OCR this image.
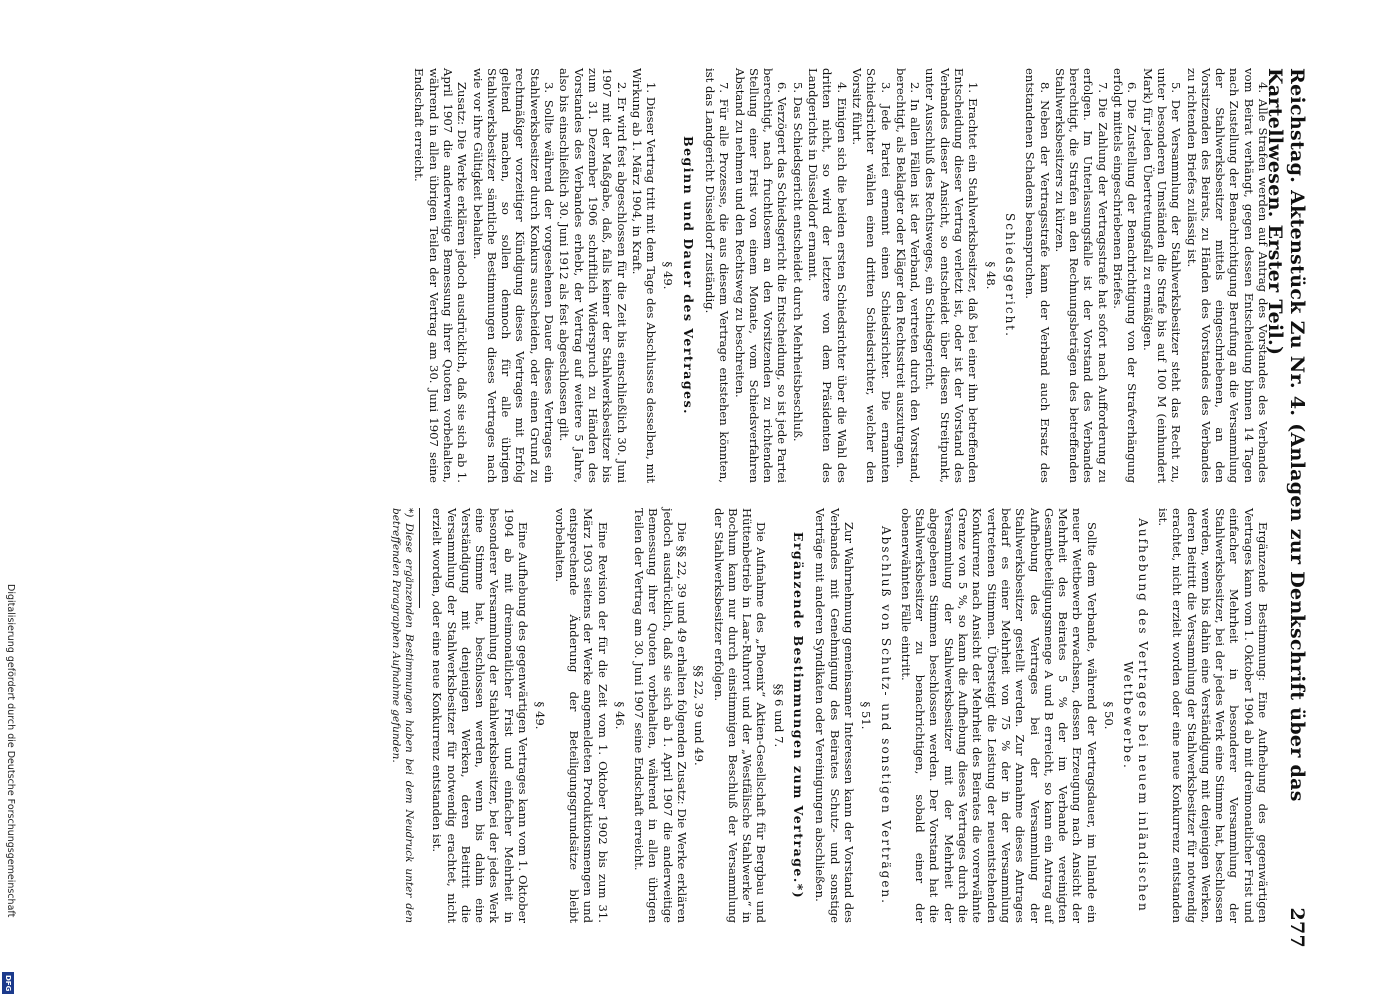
Reichstag. Aktenstück Zu Nr. 4. (Anlagen zur Denkschrift über das Kartellwesen. Erster Teil.)
277

4. Alle Strafen werden auf Antrag des Vorstandes des Verbandes vom Beirat verhängt, gegen dessen Entscheidung binnen 14 Tagen nach Zustellung der Benachrichtigung Berufung an die Versammlung der Stahlwerksbesitzer mittels eingeschriebenen, an den Vorsitzenden des Beirats, zu Händen des Vorstandes des Verbandes zu richtenden Briefes zulässig ist.

5. Der Versammlung der Stahlwerksbesitzer steht das Recht zu, unter besonderen Umständen die Strafe bis auf 100 M (einhundert Mark) für jeden Übertretungsfall zu ermäßigen.

6. Die Zustellung der Benachrichtigung von der Strafverhängung erfolgt mittels eingeschriebenen Briefes.

7. Die Zahlung der Vertragsstrafe hat sofort nach Aufforderung zu erfolgen. Im Unterlassungsfalle ist der Vorstand des Verbandes berechtigt, die Strafen an den Rechnungsbeträgen des betreffenden Stahlwerksbesitzers zu kürzen.

8. Neben der Vertragsstrafe kann der Verband auch Ersatz des entstandenen Schadens beanspruchen.

Schiedsgericht.
§ 48.

1. Erachtet ein Stahlwerksbesitzer, daß bei einer ihn betreffenden Entscheidung dieser Vertrag verletzt ist, oder ist der Vorstand des Verbandes dieser Ansicht, so entscheidet über diesen Streitpunkt, unter Ausschluß des Rechtsweges, ein Schiedsgericht.

2. In allen Fällen ist der Verband, vertreten durch den Vorstand, berechtigt, als Beklagter oder Kläger den Rechtsstreit auszutragen.

3. Jede Partei ernennt einen Schiedsrichter. Die ernannten Schiedsrichter wählen einen dritten Schiedsrichter, welcher den Vorsitz führt.

4. Einigen sich die beiden ersten Schiedsrichter über die Wahl des dritten nicht, so wird der letztere von dem Präsidenten des Landgerichts in Düsseldorf ernannt.

5. Das Schiedsgericht entscheidet durch Mehrheitsbeschluß.

6. Verzögert das Schiedsgericht die Entscheidung, so ist jede Partei berechtigt, nach fruchtlosem an den Vorsitzenden zu richtenden Stellung einer Frist von einem Monate, vom Schiedsverfahren Abstand zu nehmen und den Rechtsweg zu beschreiten.

7. Für alle Prozesse, die aus diesem Vertrage entstehen könnten, ist das Landgericht Düsseldorf zuständig.

Beginn und Dauer des Vertrages.
§ 49.

1. Dieser Vertrag tritt mit dem Tage des Abschlusses desselben, mit Wirkung ab 1. März 1904, in Kraft.

2. Er wird fest abgeschlossen für die Zeit bis einschließlich 30. Juni 1907 mit der Maßgabe, daß, falls keiner der Stahlwerksbesitzer bis zum 31. Dezember 1906 schriftlich Widerspruch zu Händen des Vorstandes des Verbandes erhebt, der Vertrag auf weitere 5 Jahre, also bis einschließlich 30. Juni 1912 als fest abgeschlossen gilt.

3. Sollte während der vorgesehenen Dauer dieses Vertrages ein Stahlwerksbesitzer durch Konkurs ausscheiden, oder einen Grund zu rechtmäßiger vorzeitiger Kündigung dieses Vertrages mit Erfolg geltend machen, so sollen dennoch für alle übrigen Stahlwerksbesitzer sämtliche Bestimmungen dieses Vertrages nach wie vor ihre Gültigkeit behalten.

Zusatz: Die Werke erklären jedoch ausdrücklich, daß sie sich ab 1. April 1907 die anderweitige Bemessung ihrer Quoten vorbehalten, während in allen übrigen Teilen der Vertrag am 30. Juni 1907 seine Endschaft erreicht.

Ergänzende Bestimmung: Eine Aufhebung des gegenwärtigen Vertrages kann vom 1. Oktober 1904 ab mit dreimonatlicher Frist und einfacher Mehrheit in besonderer Versammlung der Stahlwerksbesitzer, bei der jedes Werk eine Stimme hat, beschlossen werden, wenn bis dahin eine Verständigung mit denjenigen Werken, deren Beitritt die Versammlung der Stahlwerksbesitzer für notwendig erachtet, nicht erzielt worden oder eine neue Konkurrenz entstanden ist.

Aufhebung des Vertrages bei neuem inländischen Wettbewerbe.
§ 50.

Sollte dem Verbande, während der Vertragsdauer, im Inlande ein neuer Wettbewerb erwachsen, dessen Erzeugung nach Ansicht der Mehrheit des Beirates 5 % der im Verbande vereinigten Gesamtbeteiligungsmenge A und B erreicht, so kann ein Antrag auf Aufhebung des Vertrages bei der Versammlung der Stahlwerksbesitzer gestellt werden. Zur Annahme dieses Antrages bedarf es einer Mehrheit von 75 % der in der Versammlung vertretenen Stimmen. Übersteigt die Leistung der neuentstehenden Konkurrenz nach Ansicht der Mehrheit des Beirates die vorerwähnte Grenze von 5 %, so kann die Aufhebung dieses Vertrages durch die Versammlung der Stahlwerksbesitzer mit der Mehrheit der abgegebenen Stimmen beschlossen werden. Der Vorstand hat die Stahlwerksbesitzer zu benachrichtigen, sobald einer der obenerwähnten Fälle eintritt.

Abschluß von Schutz- und sonstigen Verträgen.
§ 51.

Zur Wahrnehmung gemeinsamer Interessen kann der Vorstand des Verbandes mit Genehmigung des Beirates Schutz- und sonstige Verträge mit anderen Syndikaten oder Vereinigungen abschließen.

Ergänzende Bestimmungen zum Vertrage.*)
§§ 6 und 7.

Die Aufnahme des „Phoenix“ Aktien-Gesellschaft für Bergbau und Hüttenbetrieb in Laar-Ruhrort und der „Westfälische Stahlwerke“ in Bochum kann nur durch einstimmigen Beschluß der Versammlung der Stahlwerksbesitzer erfolgen.

§§ 22, 39 und 49.

Die §§ 22, 39 und 49 erhalten folgenden Zusatz: Die Werke erklären jedoch ausdrücklich, daß sie sich ab 1. April 1907 die anderweitige Bemessung ihrer Quoten vorbehalten, während in allen übrigen Teilen der Vertrag am 30. Juni 1907 seine Endschaft erreicht.

§ 46.

Eine Revision der für die Zeit vom 1. Oktober 1902 bis zum 31. März 1903 seitens der Werke angemeldeten Produktionsmengen und entsprechende Änderung der Beteiligungsgrundsätze bleibt vorbehalten.

§ 49.

Eine Aufhebung des gegenwärtigen Vertrages kann vom 1. Oktober 1904 ab mit dreimonatlicher Frist und einfacher Mehrheit in besonderer Versammlung der Stahlwerksbesitzer, bei der jedes Werk eine Stimme hat, beschlossen werden, wenn bis dahin eine Verständigung mit denjenigen Werken, deren Beitritt die Versammlung der Stahlwerksbesitzer für notwendig erachtet, nicht erzielt worden, oder eine neue Konkurrenz entstanden ist.

*) Diese ergänzenden Bestimmungen haben bei dem Neudruck unter den betreffenden Paragraphen Aufnahme gefunden.

Digitalisierung gefördert durch die Deutsche Forschungsgemeinschaft
DFG
